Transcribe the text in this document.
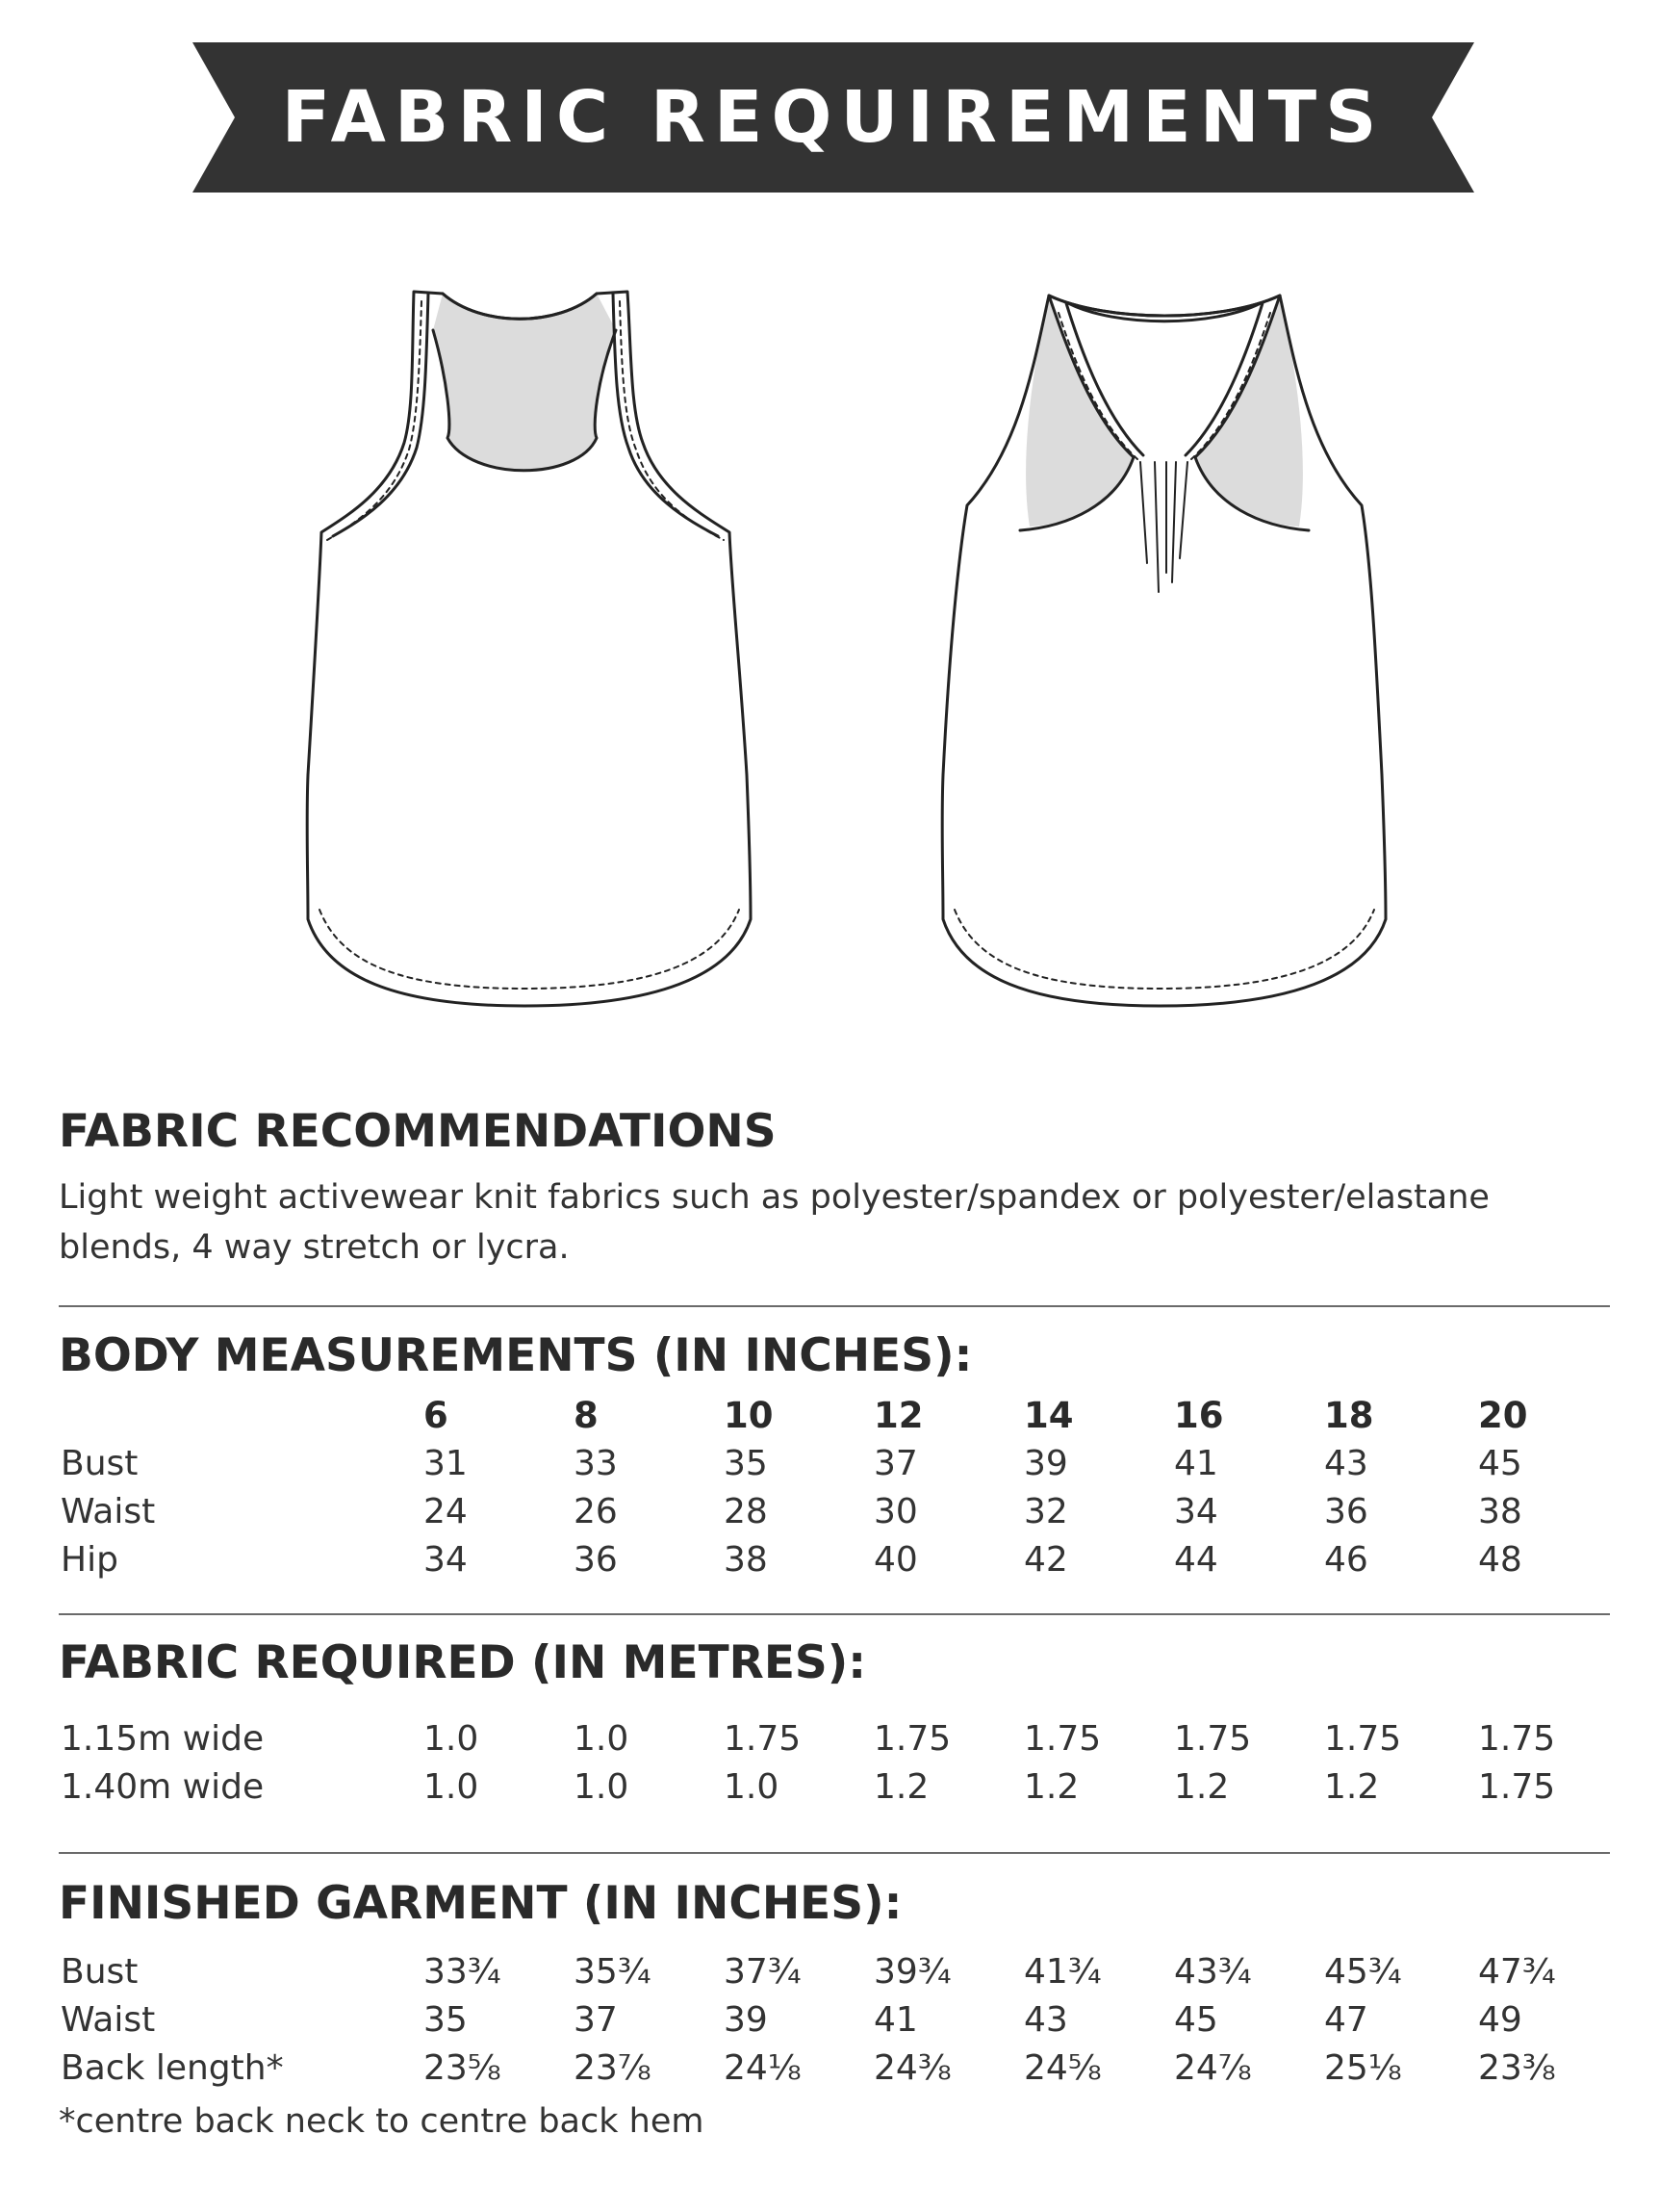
FABRIC REQUIREMENTS
FABRIC RECOMMENDATIONS

Light weight activewear knit fabrics such as polyester/spandex or polyester/elastane blends, 4 way stretch or lycra.

BODY MEASUREMENTS (IN INCHES):
6	8	10	12	14	16	18	20
Bust	31	33	35	37	39	41	43	45
Waist	24	26	28	30	32	34	36	38
Hip	34	36	38	40	42	44	46	48
FABRIC REQUIRED (IN METRES):
1.15m wide	1.0	1.0	1.75 1.75 1.75 1.75 1.75 1.75
1.40m wide	1.0	1.0	1.0	1.2	1.2	1.2	1.2	1.75
FINISHED GARMENT (IN INCHES):
Bust	33¾ 35¾ 37¾ 39¾ 41¾ 43¾ 45¾ 47¾
Waist	35	37	39	41	43	45	47	49
Back length*	23⅝ 23⅞ 24⅛ 24⅜ 24⅝ 24⅞ 25⅛ 23⅜

*centre back neck to centre back hem
